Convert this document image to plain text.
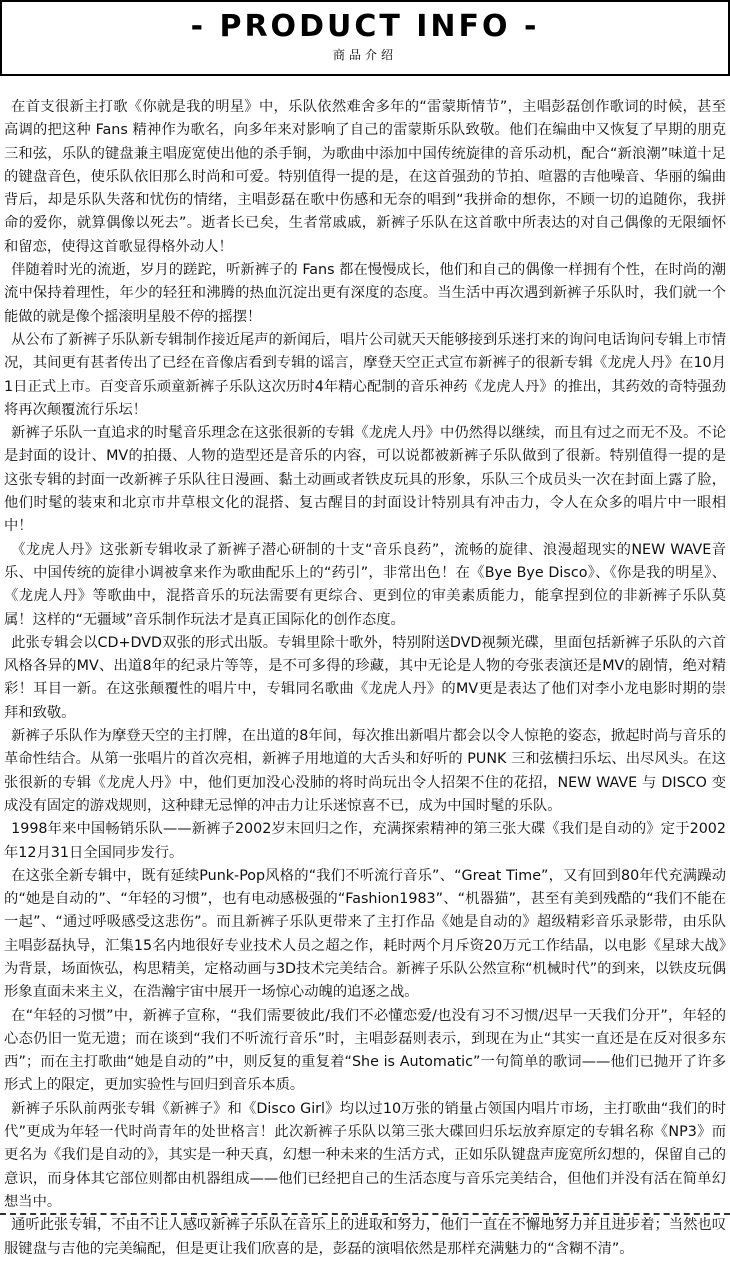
- PRODUCT INFO -
商品介绍

在首支很新主打歌《你就是我的明星》中，乐队依然难舍多年的“雷蒙斯情节”，主唱彭磊创作歌词的时候，甚至高调的把这种 Fans 精神作为歌名，向多年来对影响了自己的雷蒙斯乐队致敬。他们在编曲中又恢复了早期的朋克三和弦，乐队的键盘兼主唱庞宽使出他的杀手锏，为歌曲中添加中国传统旋律的音乐动机，配合“新浪潮”味道十足的键盘音色，使乐队依旧那么时尚和可爱。特别值得一提的是，在这首强劲的节拍、喧嚣的吉他噪音、华丽的编曲背后，却是乐队失落和忧伤的情绪，主唱彭磊在歌中伤感和无奈的唱到“我拼命的想你，不顾一切的追随你，我拼命的爱你，就算偶像以死去”。逝者长已矣，生者常戚戚，新裤子乐队在这首歌中所表达的对自己偶像的无限缅怀和留恋，使得这首歌显得格外动人！

伴随着时光的流逝，岁月的蹉跎，听新裤子的 Fans 都在慢慢成长，他们和自己的偶像一样拥有个性，在时尚的潮流中保持着理性，年少的轻狂和沸腾的热血沉淀出更有深度的态度。当生活中再次遇到新裤子乐队时，我们就一个能做的就是像个摇滚明星般不停的摇摆！

从公布了新裤子乐队新专辑制作接近尾声的新闻后，唱片公司就天天能够接到乐迷打来的询问电话询问专辑上市情况，其间更有甚者传出了已经在音像店看到专辑的谣言，摩登天空正式宣布新裤子的很新专辑《龙虎人丹》在10月1日正式上市。百变音乐顽童新裤子乐队这次历时4年精心配制的音乐神药《龙虎人丹》的推出，其药效的奇特强劲将再次颠覆流行乐坛！

新裤子乐队一直追求的时髦音乐理念在这张很新的专辑《龙虎人丹》中仍然得以继续，而且有过之而无不及。不论是封面的设计、MV的拍摄、人物的造型还是音乐的内容，可以说都被新裤子乐队做到了很新。特别值得一提的是这张专辑的封面一改新裤子乐队往日漫画、黏土动画或者铁皮玩具的形象，乐队三个成员头一次在封面上露了脸，他们时髦的装束和北京市井草根文化的混搭、复古醒目的封面设计特别具有冲击力，令人在众多的唱片中一眼相中！

《龙虎人丹》这张新专辑收录了新裤子潜心研制的十支“音乐良药”，流畅的旋律、浪漫超现实的NEW WAVE音乐、中国传统的旋律小调被拿来作为歌曲配乐上的“药引”，非常出色！在《Bye Bye Disco》、《你是我的明星》、《龙虎人丹》等歌曲中，混搭音乐的玩法需要有更综合、更到位的审美素质能力，能拿捏到位的非新裤子乐队莫属！这样的“无疆域”音乐制作玩法才是真正国际化的创作态度。

此张专辑会以CD+DVD双张的形式出版。专辑里除十歌外，特别附送DVD视频光碟，里面包括新裤子乐队的六首风格各异的MV、出道8年的纪录片等等，是不可多得的珍藏，其中无论是人物的夸张表演还是MV的剧情，绝对精彩！耳目一新。在这张颠覆性的唱片中，专辑同名歌曲《龙虎人丹》的MV更是表达了他们对李小龙电影时期的崇拜和致敬。

新裤子乐队作为摩登天空的主打牌，在出道的8年间，每次推出新唱片都会以令人惊艳的姿态，掀起时尚与音乐的革命性结合。从第一张唱片的首次亮相，新裤子用地道的大舌头和好听的 PUNK 三和弦横扫乐坛、出尽风头。在这张很新的专辑《龙虎人丹》中，他们更加没心没肺的将时尚玩出令人招架不住的花招，NEW WAVE 与 DISCO 变成没有固定的游戏规则，这种肆无忌惮的冲击力让乐迷惊喜不已，成为中国时髦的乐队。

1998年来中国畅销乐队——新裤子2002岁末回归之作，充满探索精神的第三张大碟《我们是自动的》定于2002年12月31日全国同步发行。

在这张全新专辑中，既有延续Punk-Pop风格的“我们不听流行音乐”、“Great Time”，又有回到80年代充满躁动的“她是自动的”、“年轻的习惯”，也有电动感极强的“Fashion1983”、“机器猫”，甚至有美到残酷的“我们不能在一起”、“通过呼吸感受这悲伤”。而且新裤子乐队更带来了主打作品《她是自动的》超级精彩音乐录影带，由乐队主唱彭磊执导，汇集15名内地很好专业技术人员之超之作，耗时两个月斥资20万元工作结晶，以电影《星球大战》为背景，场面恢弘，构思精美，定格动画与3D技术完美结合。新裤子乐队公然宣称“机械时代”的到来，以铁皮玩偶形象直面未来主义，在浩瀚宇宙中展开一场惊心动魄的追逐之战。

在“年轻的习惯”中，新裤子宣称，“我们需要彼此/我们不必懂恋爱/也没有习不习惯/迟早一天我们分开”，年轻的心态仍旧一览无遗；而在谈到“我们不听流行音乐”时，主唱彭磊则表示，到现在为止“其实一直还是在反对很多东西”；而在主打歌曲“她是自动的”中，则反复的重复着“She is Automatic”一句简单的歌词——他们已抛开了许多形式上的限定，更加实验性与回归到音乐本质。

新裤子乐队前两张专辑《新裤子》和《Disco Girl》均以过10万张的销量占领国内唱片市场，主打歌曲“我们的时代”更成为年轻一代时尚青年的处世格言！此次新裤子乐队以第三张大碟回归乐坛放弃原定的专辑名称《NP3》而更名为《我们是自动的》，其实是一种天真，幻想一种未来的生活方式，正如乐队键盘声庞宽所幻想的，保留自己的意识，而身体其它部位则都由机器组成——他们已经把自己的生活态度与音乐完美结合，但他们并没有活在简单幻想当中。

通听此张专辑，不由不让人感叹新裤子乐队在音乐上的进取和努力，他们一直在不懈地努力并且进步着；当然也叹服键盘与吉他的完美编配，但是更让我们欣喜的是，彭磊的演唱依然是那样充满魅力的“含糊不清”。
